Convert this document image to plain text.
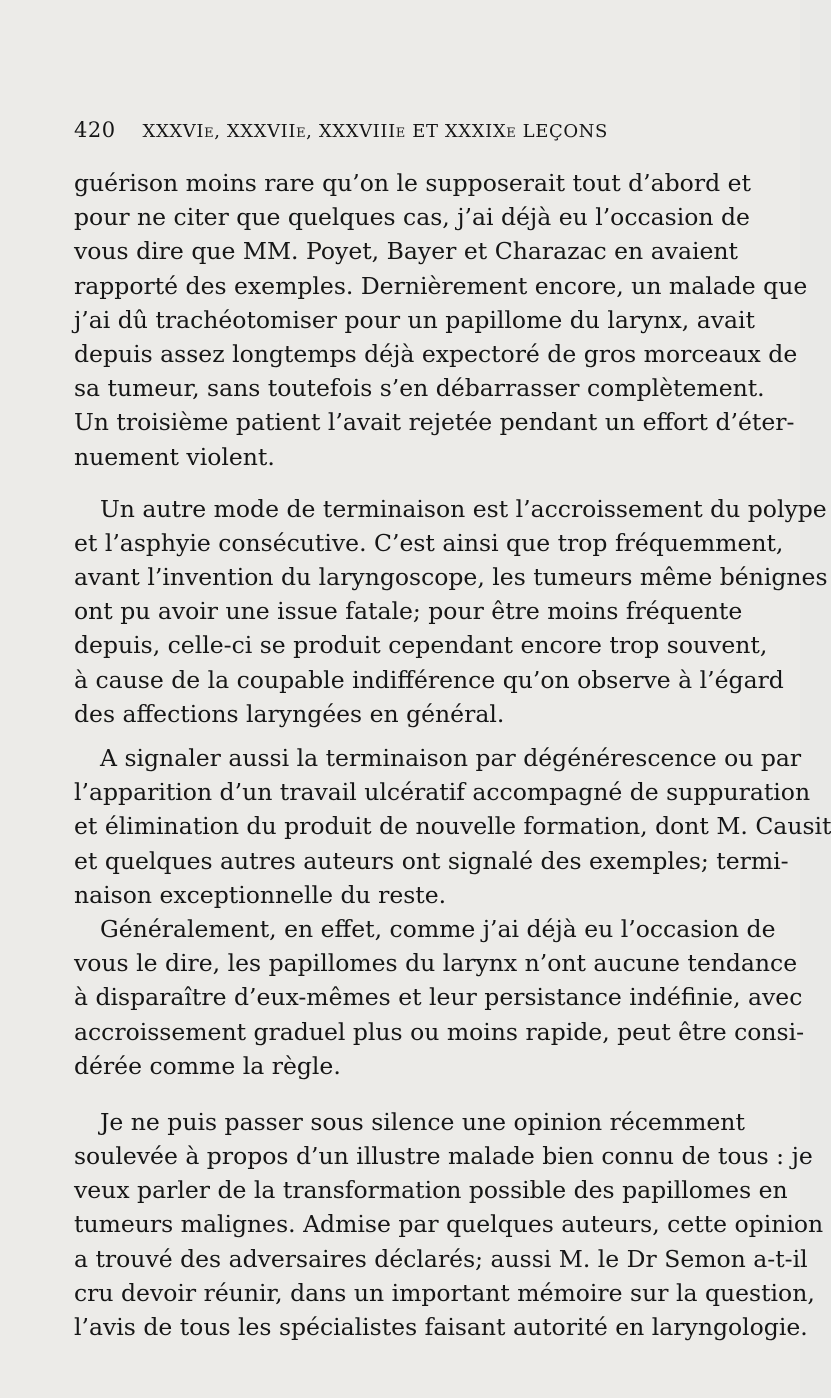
420 XXXVIe, XXXVIIe, XXXVIIIe ET XXXIXe LEÇONS
guérison moins rare qu’on le supposerait tout d’abord et
pour ne citer que quelques cas, j’ai déjà eu l’occasion de
vous dire que MM. Poyet, Bayer et Charazac en avaient
rapporté des exemples. Dernièrement encore, un malade que
j’ai dû trachéotomiser pour un papillome du larynx, avait
depuis assez longtemps déjà expectoré de gros morceaux de
sa tumeur, sans toutefois s’en débarrasser complètement.
Un troisième patient l’avait rejetée pendant un effort d’éter-
nuement violent.
Un autre mode de terminaison est l’accroissement du polype
et l’asphyie consécutive. C’est ainsi que trop fréquemment,
avant l’invention du laryngoscope, les tumeurs même bénignes
ont pu avoir une issue fatale; pour être moins fréquente
depuis, celle-ci se produit cependant encore trop souvent,
à cause de la coupable indifférence qu’on observe à l’égard
des affections laryngées en général.
A signaler aussi la terminaison par dégénérescence ou par
l’apparition d’un travail ulcératif accompagné de suppuration
et élimination du produit de nouvelle formation, dont M. Causit
et quelques autres auteurs ont signalé des exemples; termi-
naison exceptionnelle du reste.
Généralement, en effet, comme j’ai déjà eu l’occasion de
vous le dire, les papillomes du larynx n’ont aucune tendance
à disparaître d’eux-mêmes et leur persistance indéfinie, avec
accroissement graduel plus ou moins rapide, peut être consi-
dérée comme la règle.
Je ne puis passer sous silence une opinion récemment
soulevée à propos d’un illustre malade bien connu de tous : je
veux parler de la transformation possible des papillomes en
tumeurs malignes. Admise par quelques auteurs, cette opinion
a trouvé des adversaires déclarés; aussi M. le Dr Semon a-t-il
cru devoir réunir, dans un important mémoire sur la question,
l’avis de tous les spécialistes faisant autorité en laryngologie.
